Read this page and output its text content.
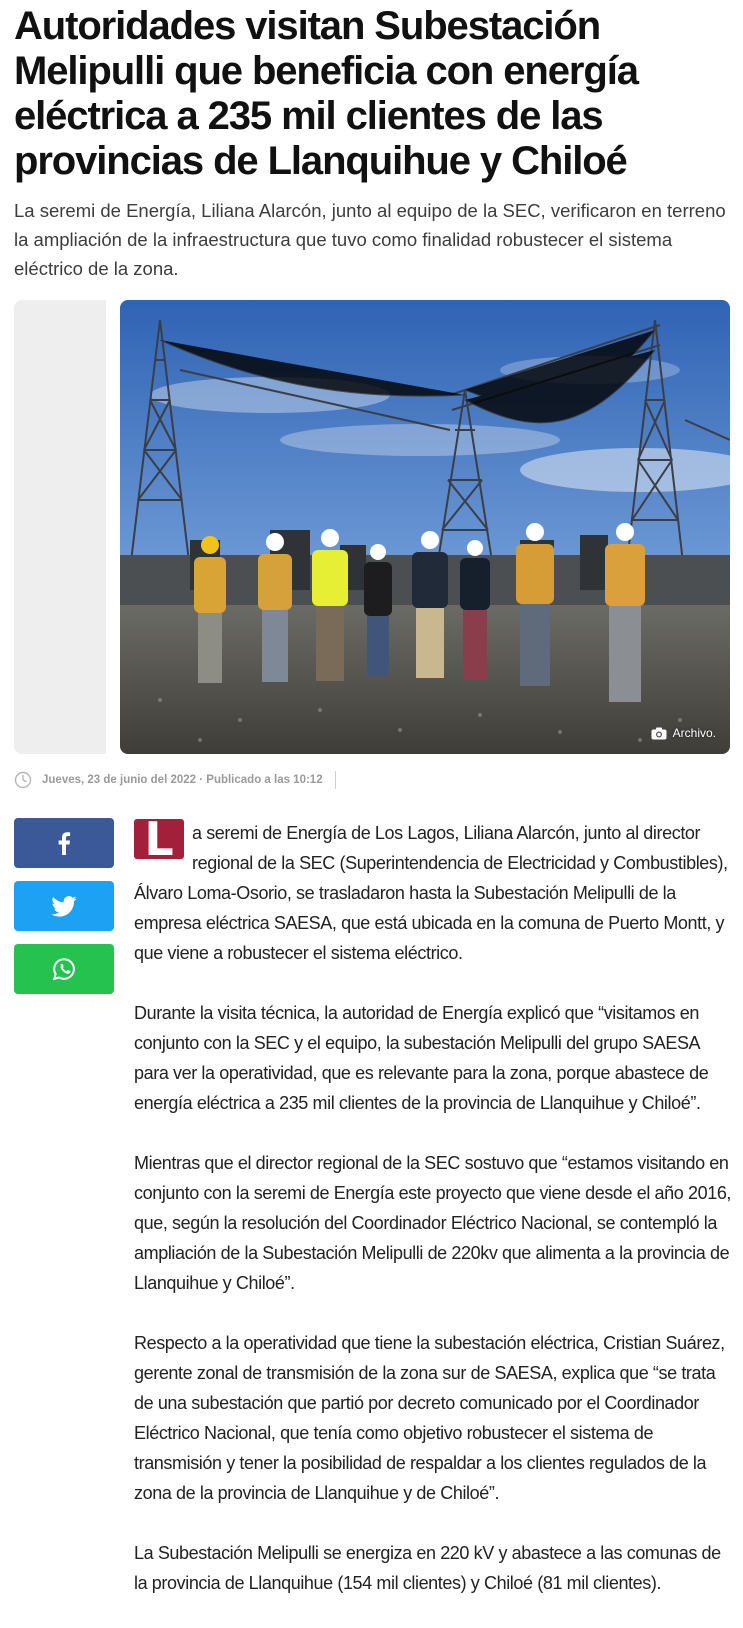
Autoridades visitan Subestación Melipulli que beneficia con energía eléctrica a 235 mil clientes de las provincias de Llanquihue y Chiloé

La seremi de Energía, Liliana Alarcón, junto al equipo de la SEC, verificaron en terreno la ampliación de la infraestructura que tuvo como finalidad robustecer el sistema eléctrico de la zona.

Archivo.
Jueves, 23 de junio del 2022 · Publicado a las 10:12

L	a seremi de Energía de Los Lagos, Liliana Alarcón, junto al director regional de la SEC (Superintendencia de Electricidad y Combustibles), Álvaro Loma-Osorio, se trasladaron hasta la Subestación Melipulli de la empresa eléctrica SAESA, que está ubicada en la comuna de Puerto Montt, y que viene a robustecer el sistema eléctrico.

Durante la visita técnica, la autoridad de Energía explicó que “visitamos en conjunto con la SEC y el equipo, la subestación Melipulli del grupo SAESA para ver la operatividad, que es relevante para la zona, porque abastece de energía eléctrica a 235 mil clientes de la provincia de Llanquihue y Chiloé”.

Mientras que el director regional de la SEC sostuvo que “estamos visitando en conjunto con la seremi de Energía este proyecto que viene desde el año 2016, que, según la resolución del Coordinador Eléctrico Nacional, se contempló la ampliación de la Subestación Melipulli de 220kv que alimenta a la provincia de Llanquihue y Chiloé”.

Respecto a la operatividad que tiene la subestación eléctrica, Cristian Suárez, gerente zonal de transmisión de la zona sur de SAESA, explica que “se trata de una subestación que partió por decreto comunicado por el Coordinador Eléctrico Nacional, que tenía como objetivo robustecer el sistema de transmisión y tener la posibilidad de respaldar a los clientes regulados de la zona de la provincia de Llanquihue y de Chiloé”.

La Subestación Melipulli se energiza en 220 kV y abastece a las comunas de la provincia de Llanquihue (154 mil clientes) y Chiloé (81 mil clientes).
